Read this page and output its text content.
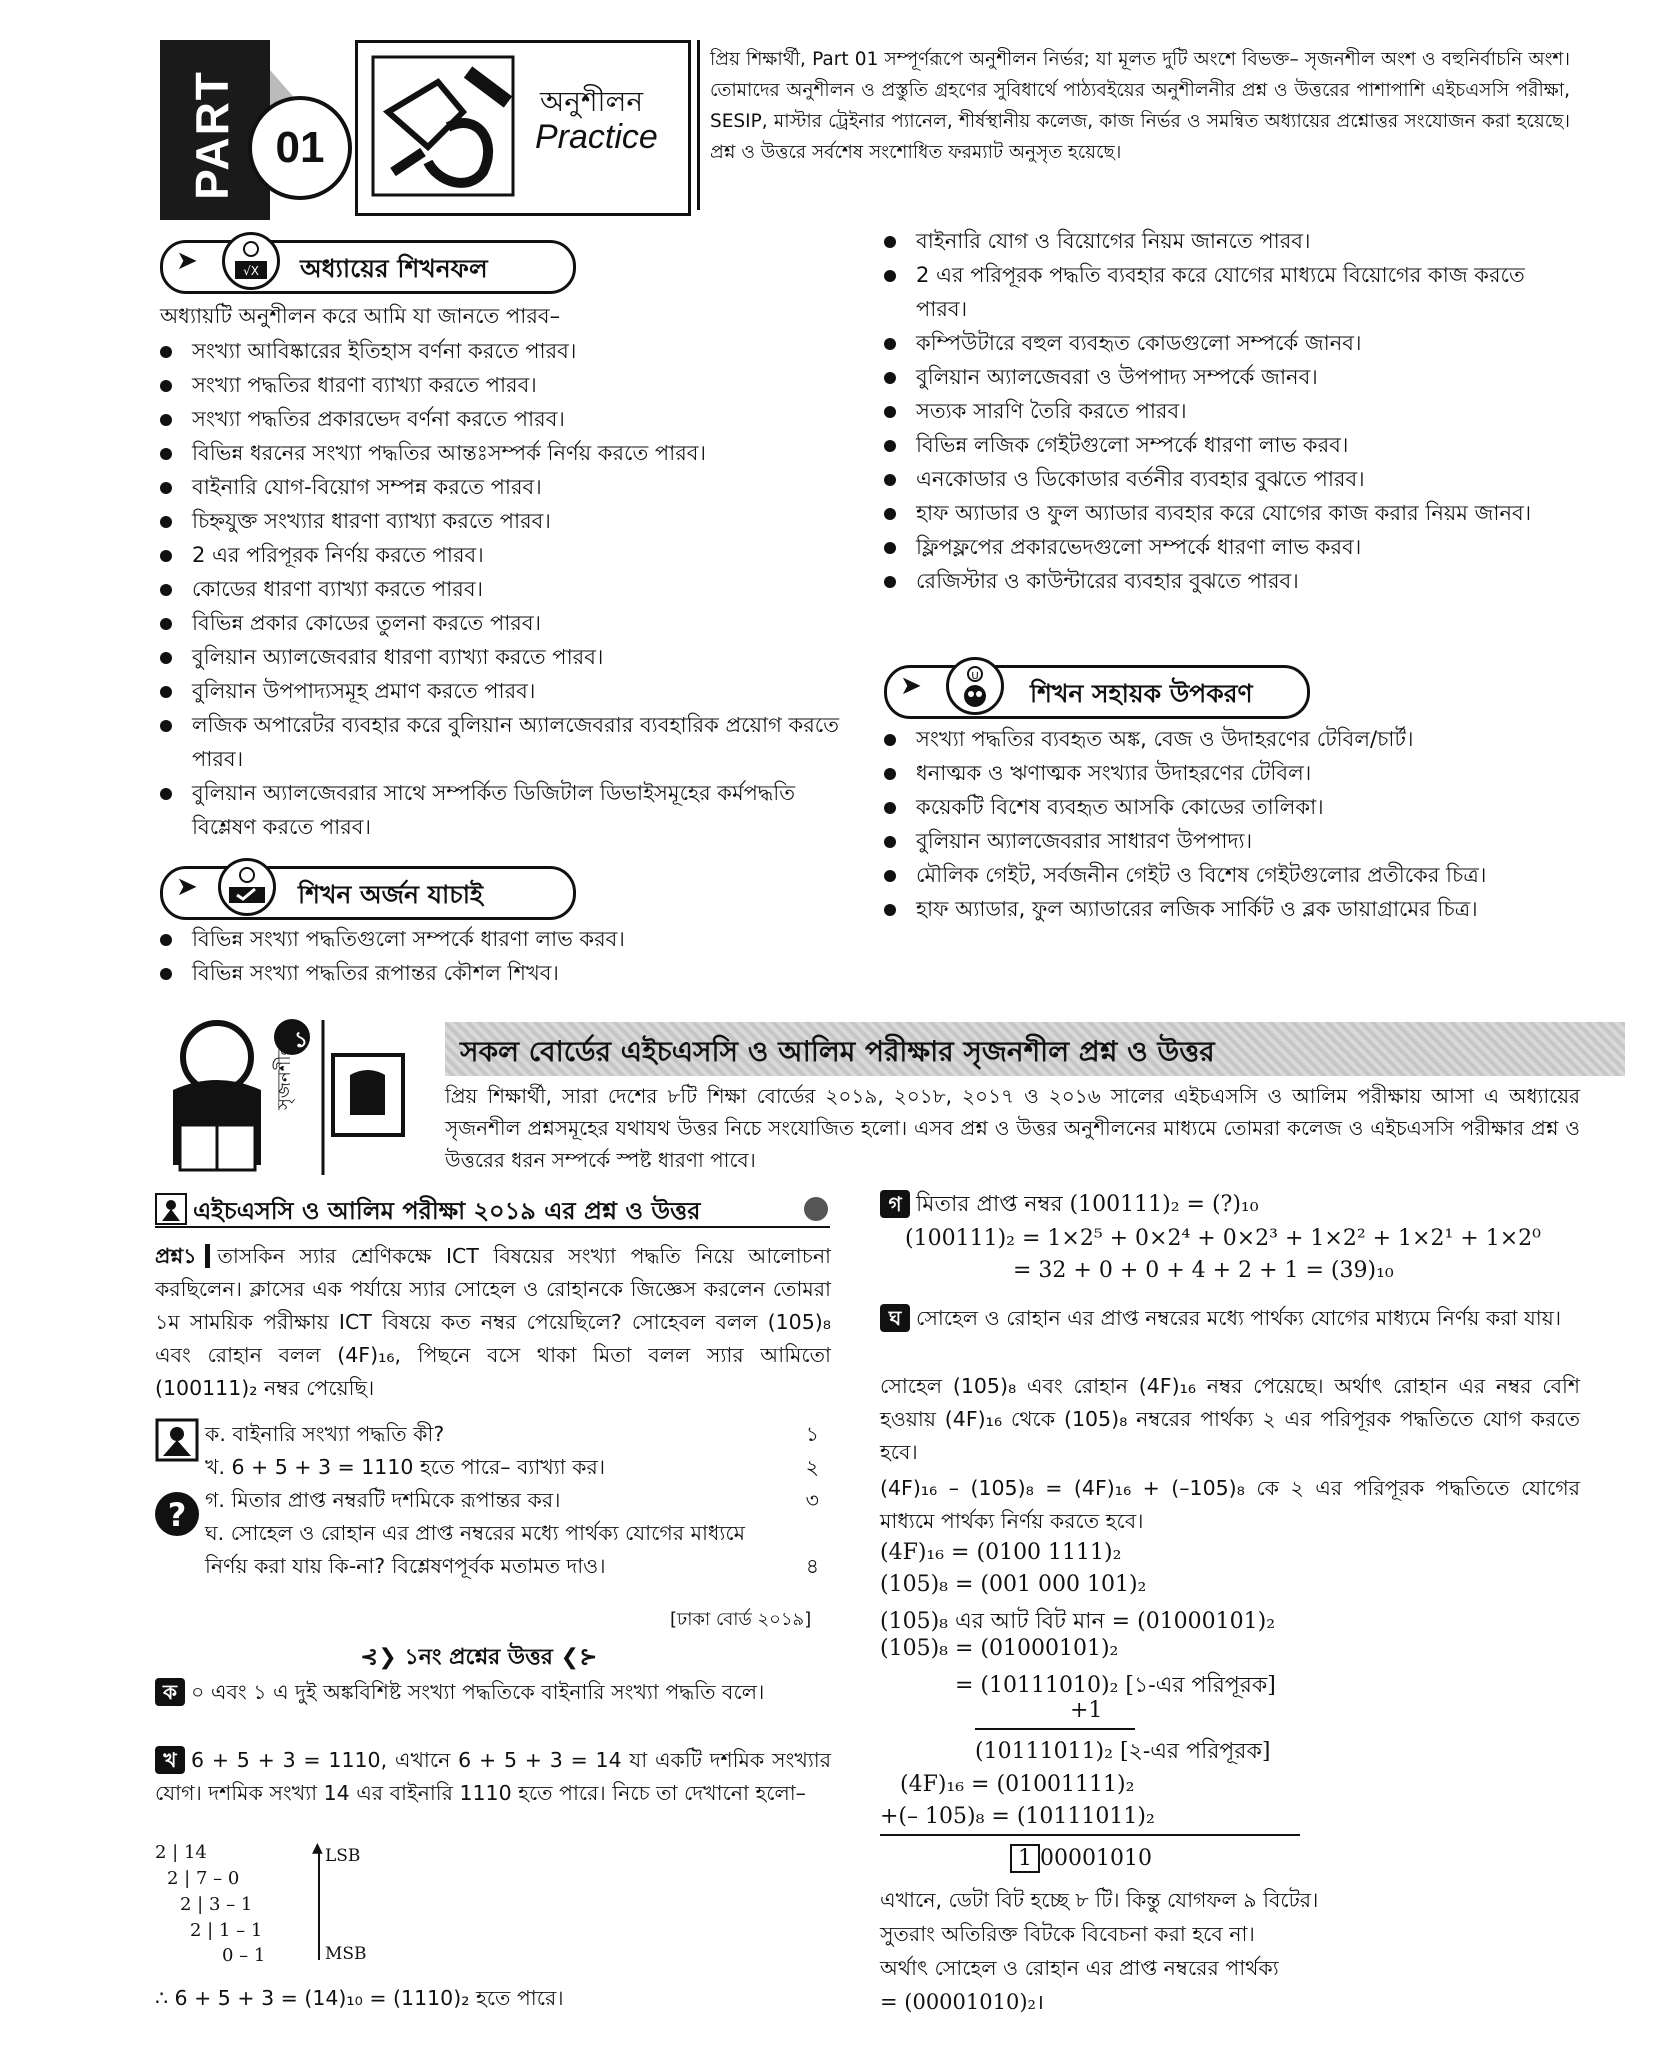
PART 01
অনুশীলন
Practice
প্রিয় শিক্ষার্থী, Part 01 সম্পূর্ণরূপে অনুশীলন নির্ভর; যা মূলত দুটি অংশে বিভক্ত– সৃজনশীল অংশ ও বহুনির্বাচনি অংশ। তোমাদের অনুশীলন ও প্রস্তুতি গ্রহণের সুবিধার্থে পাঠ্যবইয়ের অনুশীলনীর প্রশ্ন ও উত্তরের পাশাপাশি এইচএসসি পরীক্ষা, SESIP, মাস্টার ট্রেইনার প্যানেল, শীর্ষস্থানীয় কলেজ, কাজ নির্ভর ও সমন্বিত অধ্যায়ের প্রশ্নোত্তর সংযোজন করা হয়েছে। প্রশ্ন ও উত্তরে সর্বশেষ সংশোধিত ফরম্যাট অনুসৃত হয়েছে।
➤	√X অধ্যায়ের শিখনফল
অধ্যায়টি অনুশীলন করে আমি যা জানতে পারব–
সংখ্যা আবিষ্কারের ইতিহাস বর্ণনা করতে পারব।
সংখ্যা পদ্ধতির ধারণা ব্যাখ্যা করতে পারব।
সংখ্যা পদ্ধতির প্রকারভেদ বর্ণনা করতে পারব।
বিভিন্ন ধরনের সংখ্যা পদ্ধতির আন্তঃসম্পর্ক নির্ণয় করতে পারব।
বাইনারি যোগ-বিয়োগ সম্পন্ন করতে পারব।
চিহ্নযুক্ত সংখ্যার ধারণা ব্যাখ্যা করতে পারব।
2 এর পরিপূরক নির্ণয় করতে পারব।
কোডের ধারণা ব্যাখ্যা করতে পারব।
বিভিন্ন প্রকার কোডের তুলনা করতে পারব।
বুলিয়ান অ্যালজেবরার ধারণা ব্যাখ্যা করতে পারব।
বুলিয়ান উপপাদ্যসমূহ প্রমাণ করতে পারব।
লজিক অপারেটর ব্যবহার করে বুলিয়ান অ্যালজেবরার ব্যবহারিক প্রয়োগ করতে পারব।
বুলিয়ান অ্যালজেবরার সাথে সম্পর্কিত ডিজিটাল ডিভাইসমূহের কর্মপদ্ধতি বিশ্লেষণ করতে পারব।
➤	শিখন অর্জন যাচাই
বিভিন্ন সংখ্যা পদ্ধতিগুলো সম্পর্কে ধারণা লাভ করব।
বিভিন্ন সংখ্যা পদ্ধতির রূপান্তর কৌশল শিখব।
বাইনারি যোগ ও বিয়োগের নিয়ম জানতে পারব।
2 এর পরিপূরক পদ্ধতি ব্যবহার করে যোগের মাধ্যমে বিয়োগের কাজ করতে পারব।
কম্পিউটারে বহুল ব্যবহৃত কোডগুলো সম্পর্কে জানব।
বুলিয়ান অ্যালজেবরা ও উপপাদ্য সম্পর্কে জানব।
সত্যক সারণি তৈরি করতে পারব।
বিভিন্ন লজিক গেইটগুলো সম্পর্কে ধারণা লাভ করব।
এনকোডার ও ডিকোডার বর্তনীর ব্যবহার বুঝতে পারব।
হাফ অ্যাডার ও ফুল অ্যাডার ব্যবহার করে যোগের কাজ করার নিয়ম জানব।
ফ্লিপফ্লপের প্রকারভেদগুলো সম্পর্কে ধারণা লাভ করব।
রেজিস্টার ও কাউন্টারের ব্যবহার বুঝতে পারব।
➤	U
শিখন সহায়ক উপকরণ
সংখ্যা পদ্ধতির ব্যবহৃত অঙ্ক, বেজ ও উদাহরণের টেবিল/চার্ট।
ধনাত্মক ও ঋণাত্মক সংখ্যার উদাহরণের টেবিল।
কয়েকটি বিশেষ ব্যবহৃত আসকি কোডের তালিকা।
বুলিয়ান অ্যালজেবরার সাধারণ উপপাদ্য।
মৌলিক গেইট, সর্বজনীন গেইট ও বিশেষ গেইটগুলোর প্রতীকের চিত্র।
হাফ অ্যাডার, ফুল অ্যাডারের লজিক সার্কিট ও ব্লক ডায়াগ্রামের চিত্র।
১
সৃজনশীল	সকল বোর্ডের এইচএসসি ও আলিম পরীক্ষার সৃজনশীল প্রশ্ন ও উত্তর
প্রিয় শিক্ষার্থী, সারা দেশের ৮টি শিক্ষা বোর্ডের ২০১৯, ২০১৮, ২০১৭ ও ২০১৬ সালের এইচএসসি ও আলিম পরীক্ষায় আসা এ অধ্যায়ের সৃজনশীল প্রশ্নসমূহের যথাযথ উত্তর নিচে সংযোজিত হলো। এসব প্রশ্ন ও উত্তর অনুশীলনের মাধ্যমে তোমরা কলেজ ও এইচএসসি পরীক্ষার প্রশ্ন ও উত্তরের ধরন সম্পর্কে স্পষ্ট ধারণা পাবে।
এইচএসসি ও আলিম পরীক্ষা ২০১৯ এর প্রশ্ন ও উত্তর
প্রশ্ন১ তাসকিন স্যার শ্রেণিকক্ষে ICT বিষয়ের সংখ্যা পদ্ধতি নিয়ে আলোচনা করছিলেন। ক্লাসের এক পর্যায়ে স্যার সোহেল ও রোহানকে জিজ্ঞেস করলেন তোমরা ১ম সাময়িক পরীক্ষায় ICT বিষয়ে কত নম্বর পেয়েছিলে? সোহেবল বলল (105)₈ এবং রোহান বলল (4F)₁₆, পিছনে বসে থাকা মিতা বলল স্যার আমিতো (100111)₂ নম্বর পেয়েছি।
?
ক. বাইনারি সংখ্যা পদ্ধতি কী?	১
খ. 6 + 5 + 3 = 1110 হতে পারে– ব্যাখ্যা কর।	২
গ. মিতার প্রাপ্ত নম্বরটি দশমিকে রূপান্তর কর।	৩
ঘ. সোহেল ও রোহান এর প্রাপ্ত নম্বরের মধ্যে পার্থক্য যোগের মাধ্যমে নির্ণয় করা যায় কি-না? বিশ্লেষণপূর্বক মতামত দাও।	৪
[ঢাকা বোর্ড ২০১৯]
⊰❯ ১নং প্রশ্নের উত্তর ❮⊱
ক ০ এবং ১ এ দুই অঙ্কবিশিষ্ট সংখ্যা পদ্ধতিকে বাইনারি সংখ্যা পদ্ধতি বলে।
খ 6 + 5 + 3 = 1110, এখানে 6 + 5 + 3 = 14 যা একটি দশমিক সংখ্যার যোগ। দশমিক সংখ্যা 14 এর বাইনারি 1110 হতে পারে। নিচে তা দেখানো হলো–
2 | 14
2 | 7 – 0
2 | 3 – 1
2 | 1 – 1
0 – 1
▲ LSB
MSB
∴ 6 + 5 + 3 = (14)₁₀ = (1110)₂ হতে পারে।
গ মিতার প্রাপ্ত নম্বর (100111)₂ = (?)₁₀
(100111)₂ = 1×2⁵ + 0×2⁴ + 0×2³ + 1×2² + 1×2¹ + 1×2⁰
= 32 + 0 + 0 + 4 + 2 + 1 = (39)₁₀
ঘ সোহেল ও রোহান এর প্রাপ্ত নম্বরের মধ্যে পার্থক্য যোগের মাধ্যমে নির্ণয় করা যায়।
সোহেল (105)₈ এবং রোহান (4F)₁₆ নম্বর পেয়েছে। অর্থাৎ রোহান এর নম্বর বেশি হওয়ায় (4F)₁₆ থেকে (105)₈ নম্বরের পার্থক্য ২ এর পরিপূরক পদ্ধতিতে যোগ করতে হবে।
(4F)₁₆ – (105)₈ = (4F)₁₆ + (–105)₈ কে ২ এর পরিপূরক পদ্ধতিতে যোগের মাধ্যমে পার্থক্য নির্ণয় করতে হবে।
(4F)₁₆ = (0100 1111)₂
(105)₈ = (001 000 101)₂
(105)₈ এর আট বিট মান = (01000101)₂
(105)₈ = (01000101)₂
= (10111010)₂ [১-এর পরিপূরক]
+1
(10111011)₂ [২-এর পরিপূরক]
(4F)₁₆ = (01001111)₂
+(– 105)₈ = (10111011)₂
1 00001010
এখানে, ডেটা বিট হচ্ছে ৮ টি। কিন্তু যোগফল ৯ বিটের।
সুতরাং অতিরিক্ত বিটকে বিবেচনা করা হবে না।
অর্থাৎ সোহেল ও রোহান এর প্রাপ্ত নম্বরের পার্থক্য
= (00001010)₂।
